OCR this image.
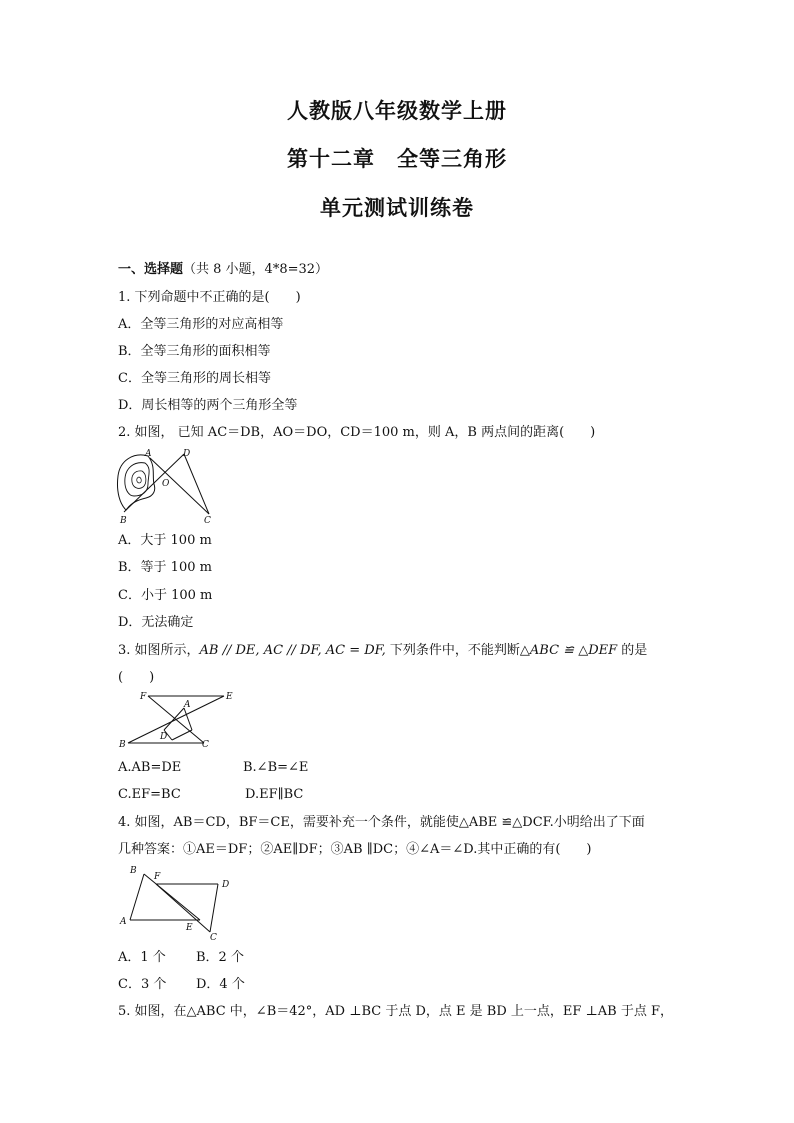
人教版八年级数学上册
第十二章　全等三角形
单元测试训练卷
一、选择题（共 8 小题，4*8=32）
1. 下列命题中不正确的是(　　)
A．全等三角形的对应高相等
B．全等三角形的面积相等
C．全等三角形的周长相等
D．周长相等的两个三角形全等
2. 如图， 已知 AC＝DB，AO＝DO，CD＝100 m，则 A，B 两点间的距离(　　)
A	D
O
B	C
A．大于 100 m
B．等于 100 m
C．小于 100 m
D．无法确定
3. 如图所示，AB // DE, AC // DF, AC = DF, 下列条件中，不能判断△ABC ≌ △DEF 的是
(　　)
F	E
A
D
B	C
A.AB=DE	B.∠B=∠E
C.EF=BC	D.EF∥BC
4. 如图，AB＝CD，BF＝CE，需要补充一个条件，就能使△ABE ≌△DCF.小明给出了下面
几种答案：①AE＝DF；②AE∥DF；③AB ∥DC；④∠A＝∠D.其中正确的有(　　)
B
F
D
A
E
C
A．1 个 B．2 个
C．3 个 D．4 个
5. 如图，在△ABC 中，∠B＝42°，AD ⊥BC 于点 D，点 E 是 BD 上一点，EF ⊥AB 于点 F，
